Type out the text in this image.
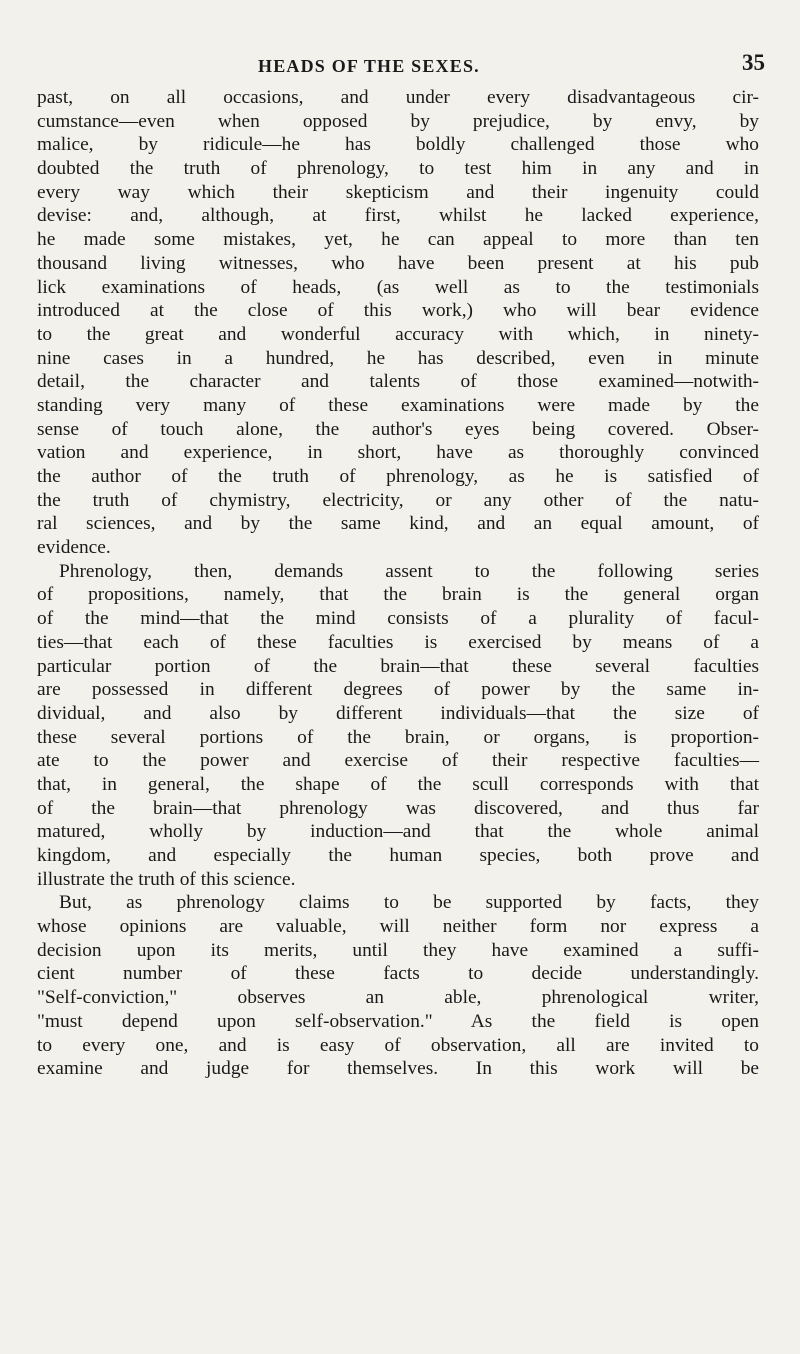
HEADS OF THE SEXES.	35
past, on all occasions, and under every disadvantageous cir-
cumstance—even when opposed by prejudice, by envy, by
malice, by ridicule—he has boldly challenged those who
doubted the truth of phrenology, to test him in any and in
every way which their skepticism and their ingenuity could
devise: and, although, at first, whilst he lacked experience,
he made some mistakes, yet, he can appeal to more than ten
thousand living witnesses, who have been present at his pub
lick examinations of heads, (as well as to the testimonials
introduced at the close of this work,) who will bear evidence
to the great and wonderful accuracy with which, in ninety-
nine cases in a hundred, he has described, even in minute
detail, the character and talents of those examined—notwith-
standing very many of these examinations were made by the
sense of touch alone, the author's eyes being covered. Obser-
vation and experience, in short, have as thoroughly convinced
the author of the truth of phrenology, as he is satisfied of
the truth of chymistry, electricity, or any other of the natu-
ral sciences, and by the same kind, and an equal amount, of
evidence.
Phrenology, then, demands assent to the following series
of propositions, namely, that the brain is the general organ
of the mind—that the mind consists of a plurality of facul-
ties—that each of these faculties is exercised by means of a
particular portion of the brain—that these several faculties
are possessed in different degrees of power by the same in-
dividual, and also by different individuals—that the size of
these several portions of the brain, or organs, is proportion-
ate to the power and exercise of their respective faculties—
that, in general, the shape of the scull corresponds with that
of the brain—that phrenology was discovered, and thus far
matured, wholly by induction—and that the whole animal
kingdom, and especially the human species, both prove and
illustrate the truth of this science.
But, as phrenology claims to be supported by facts, they
whose opinions are valuable, will neither form nor express a
decision upon its merits, until they have examined a suffi-
cient number of these facts to decide understandingly.
"Self-conviction," observes an able, phrenological writer,
"must depend upon self-observation." As the field is open
to every one, and is easy of observation, all are invited to
examine and judge for themselves. In this work will be
